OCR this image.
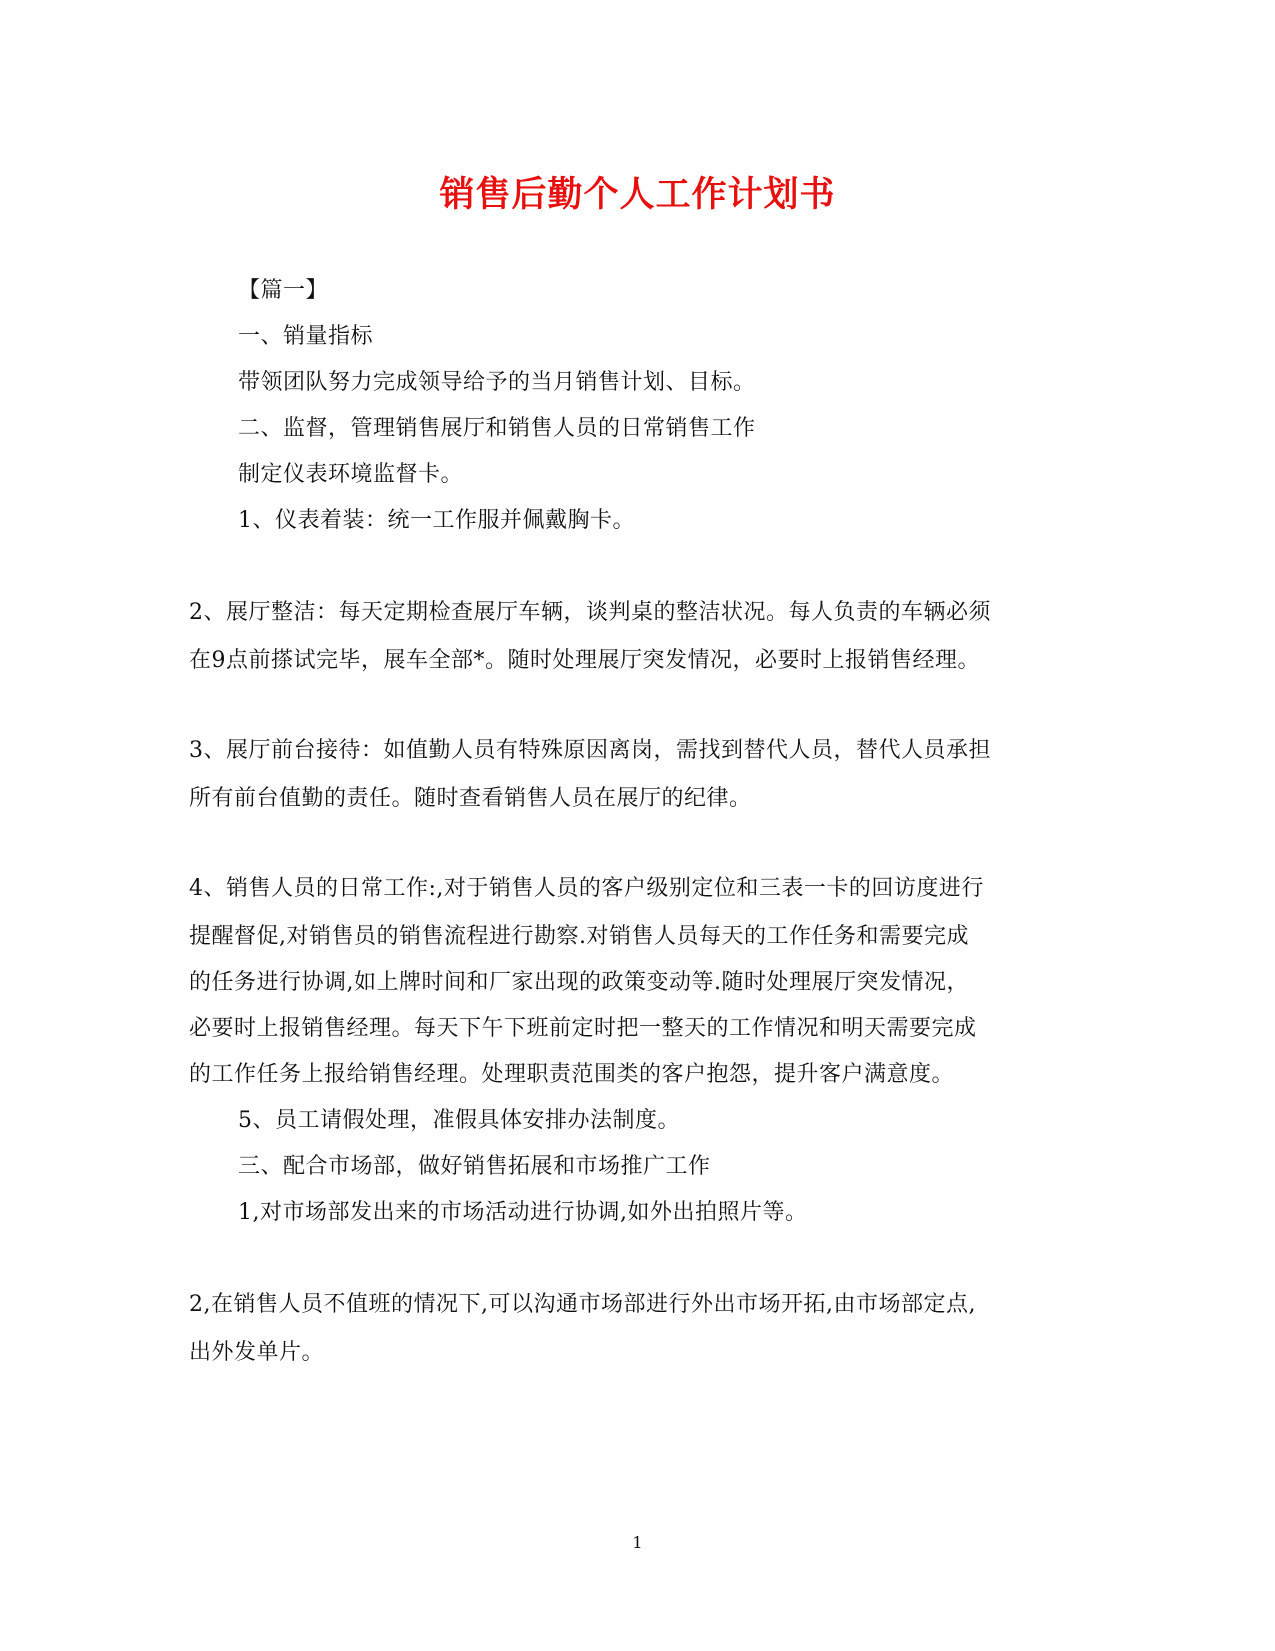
销售后勤个人工作计划书
【篇一】
一、销量指标
带领团队努力完成领导给予的当月销售计划、目标。
二、监督，管理销售展厅和销售人员的日常销售工作
制定仪表环境监督卡。
1、仪表着装：统一工作服并佩戴胸卡。
2、展厅整洁：每天定期检查展厅车辆，谈判桌的整洁状况。每人负责的车辆必须
在9点前搽试完毕，展车全部*。随时处理展厅突发情况，必要时上报销售经理。
3、展厅前台接待：如值勤人员有特殊原因离岗，需找到替代人员，替代人员承担
所有前台值勤的责任。随时查看销售人员在展厅的纪律。
4、销售人员的日常工作:,对于销售人员的客户级别定位和三表一卡的回访度进行
提醒督促,对销售员的销售流程进行勘察.对销售人员每天的工作任务和需要完成
的任务进行协调,如上牌时间和厂家出现的政策变动等.随时处理展厅突发情况，
必要时上报销售经理。每天下午下班前定时把一整天的工作情况和明天需要完成
的工作任务上报给销售经理。处理职责范围类的客户抱怨，提升客户满意度。
5、员工请假处理，准假具体安排办法制度。
三、配合市场部，做好销售拓展和市场推广工作
1,对市场部发出来的市场活动进行协调,如外出拍照片等。
2,在销售人员不值班的情况下,可以沟通市场部进行外出市场开拓,由市场部定点,
出外发单片。
1
